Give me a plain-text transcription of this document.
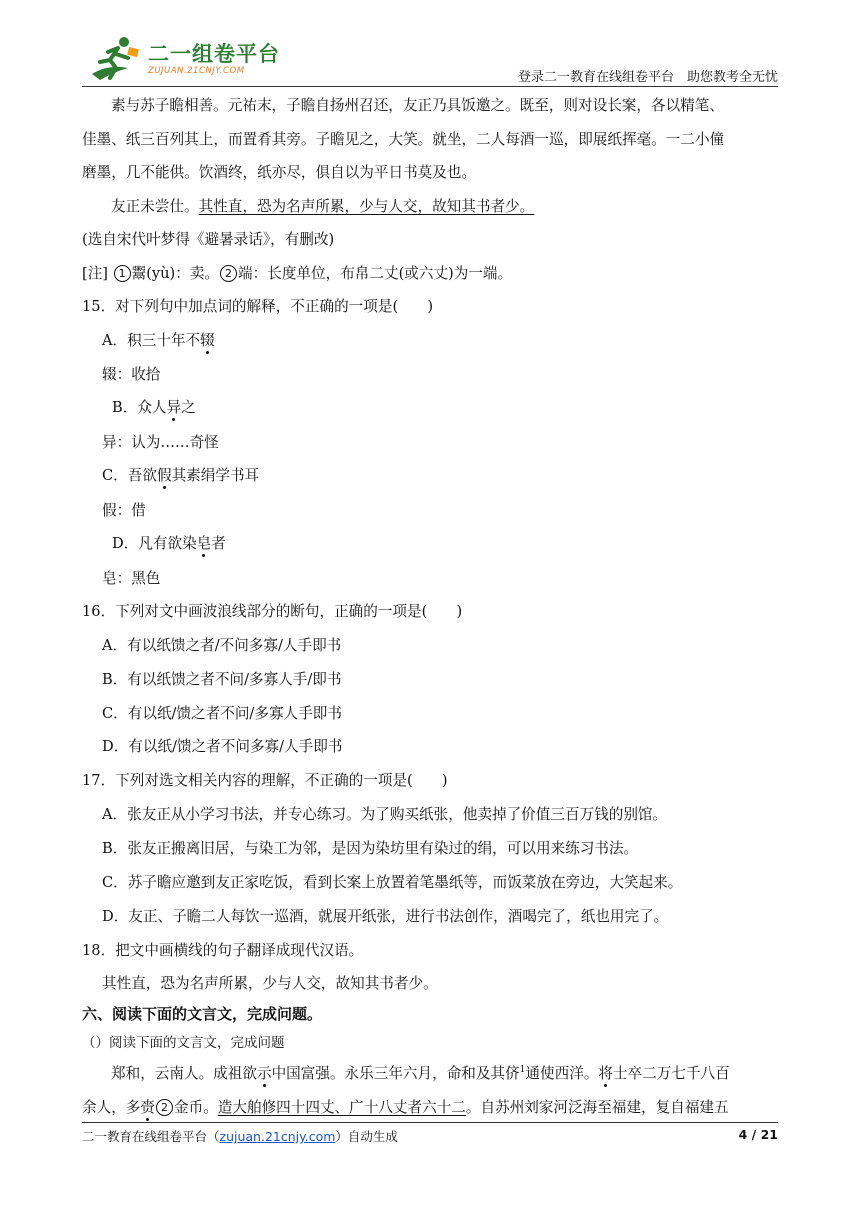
二一组卷平台
ZUJUAN.21CNJY.COM	登录二一教育在线组卷平台　助您教考全无忧
素与苏子瞻相善。元祐末，子瞻自扬州召还，友正乃具饭邀之。既至，则对设长案，各以精笔、
佳墨、纸三百列其上，而置肴其旁。子瞻见之，大笑。就坐，二人每酒一巡，即展纸挥毫。一二小僮
磨墨，几不能供。饮酒终，纸亦尽，俱自以为平日书莫及也。
友正未尝仕。其性直，恐为名声所累，少与人交，故知其书者少。
(选自宋代叶梦得《避暑录话》，有删改)
[注] 1 鬻(yù)：卖。 2 端：长度单位，布帛二丈(或六丈)为一端。
15．对下列句中加点词的解释，不正确的一项是(　　)
A．积三十年不辍
辍：收拾
B．众人异之
异：认为……奇怪
C．吾欲假其素绢学书耳
假：借
D．凡有欲染皂者
皂：黑色
16．下列对文中画波浪线部分的断句，正确的一项是(　　)
A．有以纸馈之者/不问多寡/人手即书
B．有以纸馈之者不问/多寡人手/即书
C．有以纸/馈之者不问/多寡人手即书
D．有以纸/馈之者不问多寡/人手即书
17．下列对选文相关内容的理解，不正确的一项是(　　)
A．张友正从小学习书法，并专心练习。为了购买纸张，他卖掉了价值三百万钱的别馆。
B．张友正搬离旧居，与染工为邻，是因为染坊里有染过的绢，可以用来练习书法。
C．苏子瞻应邀到友正家吃饭，看到长案上放置着笔墨纸等，而饭菜放在旁边，大笑起来。
D．友正、子瞻二人每饮一巡酒，就展开纸张，进行书法创作，酒喝完了，纸也用完了。
18．把文中画横线的句子翻译成现代汉语。
其性直，恐为名声所累，少与人交，故知其书者少。
六、阅读下面的文言文，完成问题。
（）阅读下面的文言文，完成问题
郑和，云南人。成祖欲示中国富强。永乐三年六月，命和及其侪$^1$通使西洋。将士卒二万七千八百
余人，多赍 2 金币。造大舶修四十四丈、广十八丈者六十二。自苏州刘家河泛海至福建，复自福建五
二一教育在线组卷平台（zujuan.21cnjy.com）自动生成	4 / 21
